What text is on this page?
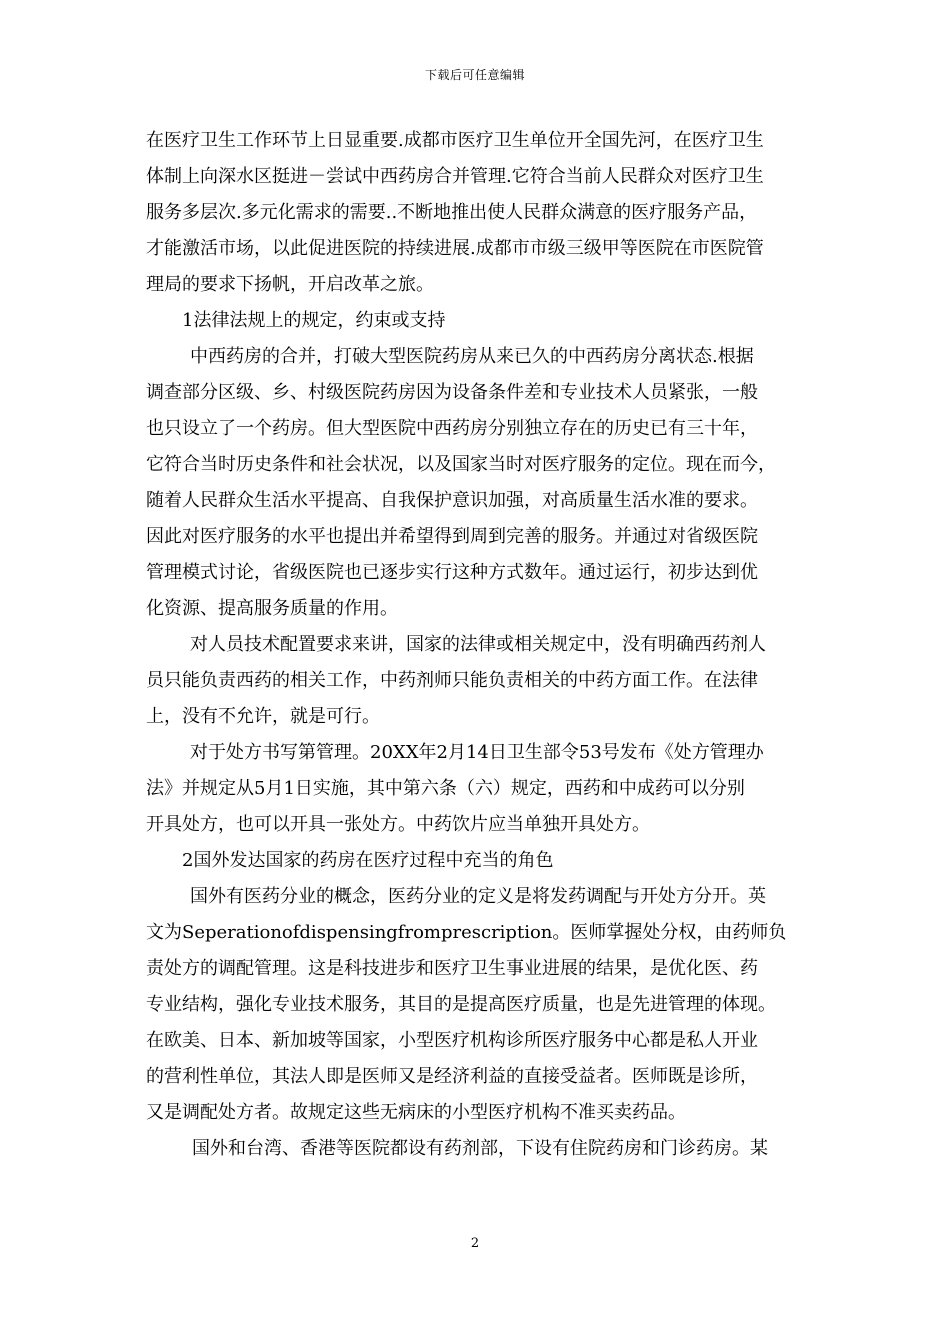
下载后可任意编辑
在医疗卫生工作环节上日显重要.成都市医疗卫生单位开全国先河，在医疗卫生
体制上向深水区挺进－尝试中西药房合并管理.它符合当前人民群众对医疗卫生
服务多层次.多元化需求的需要..不断地推出使人民群众满意的医疗服务产品，
才能激活市场，以此促进医院的持续进展.成都市市级三级甲等医院在市医院管
理局的要求下扬帆，开启改革之旅。
1法律法规上的规定，约束或支持
中西药房的合并，打破大型医院药房从来已久的中西药房分离状态.根据
调查部分区级、乡、村级医院药房因为设备条件差和专业技术人员紧张，一般
也只设立了一个药房。但大型医院中西药房分别独立存在的历史已有三十年，
它符合当时历史条件和社会状况，以及国家当时对医疗服务的定位。现在而今，
随着人民群众生活水平提高、自我保护意识加强，对高质量生活水准的要求。
因此对医疗服务的水平也提出并希望得到周到完善的服务。并通过对省级医院
管理模式讨论，省级医院也已逐步实行这种方式数年。通过运行，初步达到优
化资源、提高服务质量的作用。
对人员技术配置要求来讲，国家的法律或相关规定中，没有明确西药剂人
员只能负责西药的相关工作，中药剂师只能负责相关的中药方面工作。在法律
上，没有不允许，就是可行。
对于处方书写第管理。20XX年2月14日卫生部令53号发布《处方管理办
法》并规定从5月1日实施，其中第六条（六）规定，西药和中成药可以分别
开具处方，也可以开具一张处方。中药饮片应当单独开具处方。
2国外发达国家的药房在医疗过程中充当的角色
国外有医药分业的概念，医药分业的定义是将发药调配与开处方分开。英
文为Seperationofdispensingfromprescription。医师掌握处分权，由药师负
责处方的调配管理。这是科技进步和医疗卫生事业进展的结果，是优化医、药
专业结构，强化专业技术服务，其目的是提高医疗质量，也是先进管理的体现。
在欧美、日本、新加坡等国家，小型医疗机构诊所医疗服务中心都是私人开业
的营利性单位，其法人即是医师又是经济利益的直接受益者。医师既是诊所，
又是调配处方者。故规定这些无病床的小型医疗机构不准买卖药品。
国外和台湾、香港等医院都设有药剂部，下设有住院药房和门诊药房。某
2
